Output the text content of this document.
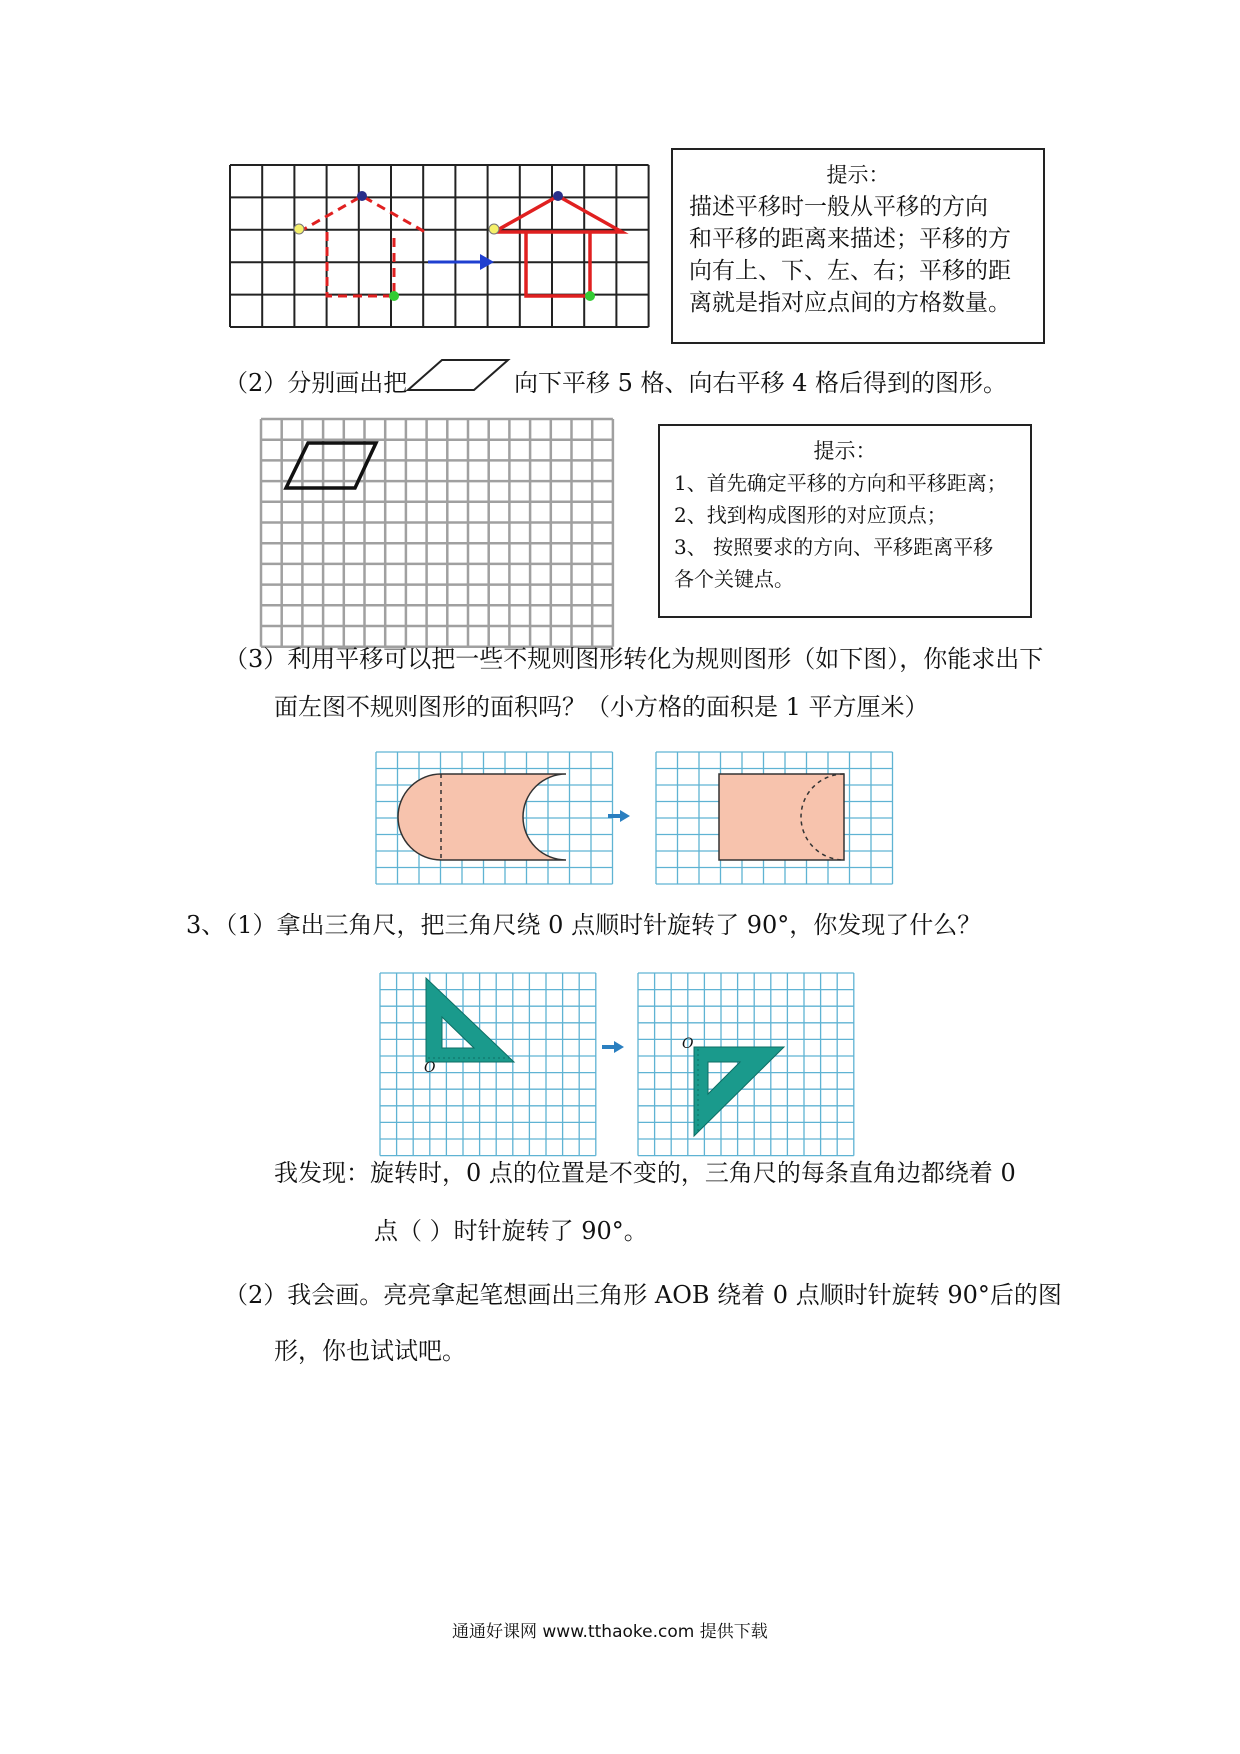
提示：
描述平移时一般从平移的方向
和平移的距离来描述；平移的方
向有上、下、左、右；平移的距
离就是指对应点间的方格数量。
（2）分别画出把	向下平移 5 格、向右平移 4 格后得到的图形。
提示：
1、首先确定平移的方向和平移距离；
2、找到构成图形的对应顶点；
3、 按照要求的方向、平移距离平移
各个关键点。
（3）利用平移可以把一些不规则图形转化为规则图形（如下图），你能求出下
面左图不规则图形的面积吗？（小方格的面积是 1 平方厘米）
3、（1）拿出三角尺，把三角尺绕 0 点顺时针旋转了 90°，你发现了什么？
O
O
我发现：旋转时，0 点的位置是不变的，三角尺的每条直角边都绕着 0
点（ ）时针旋转了 90°。
（2）我会画。亮亮拿起笔想画出三角形 AOB 绕着 0 点顺时针旋转 90°后的图
形，你也试试吧。
通通好课网 www.tthaoke.com 提供下载
